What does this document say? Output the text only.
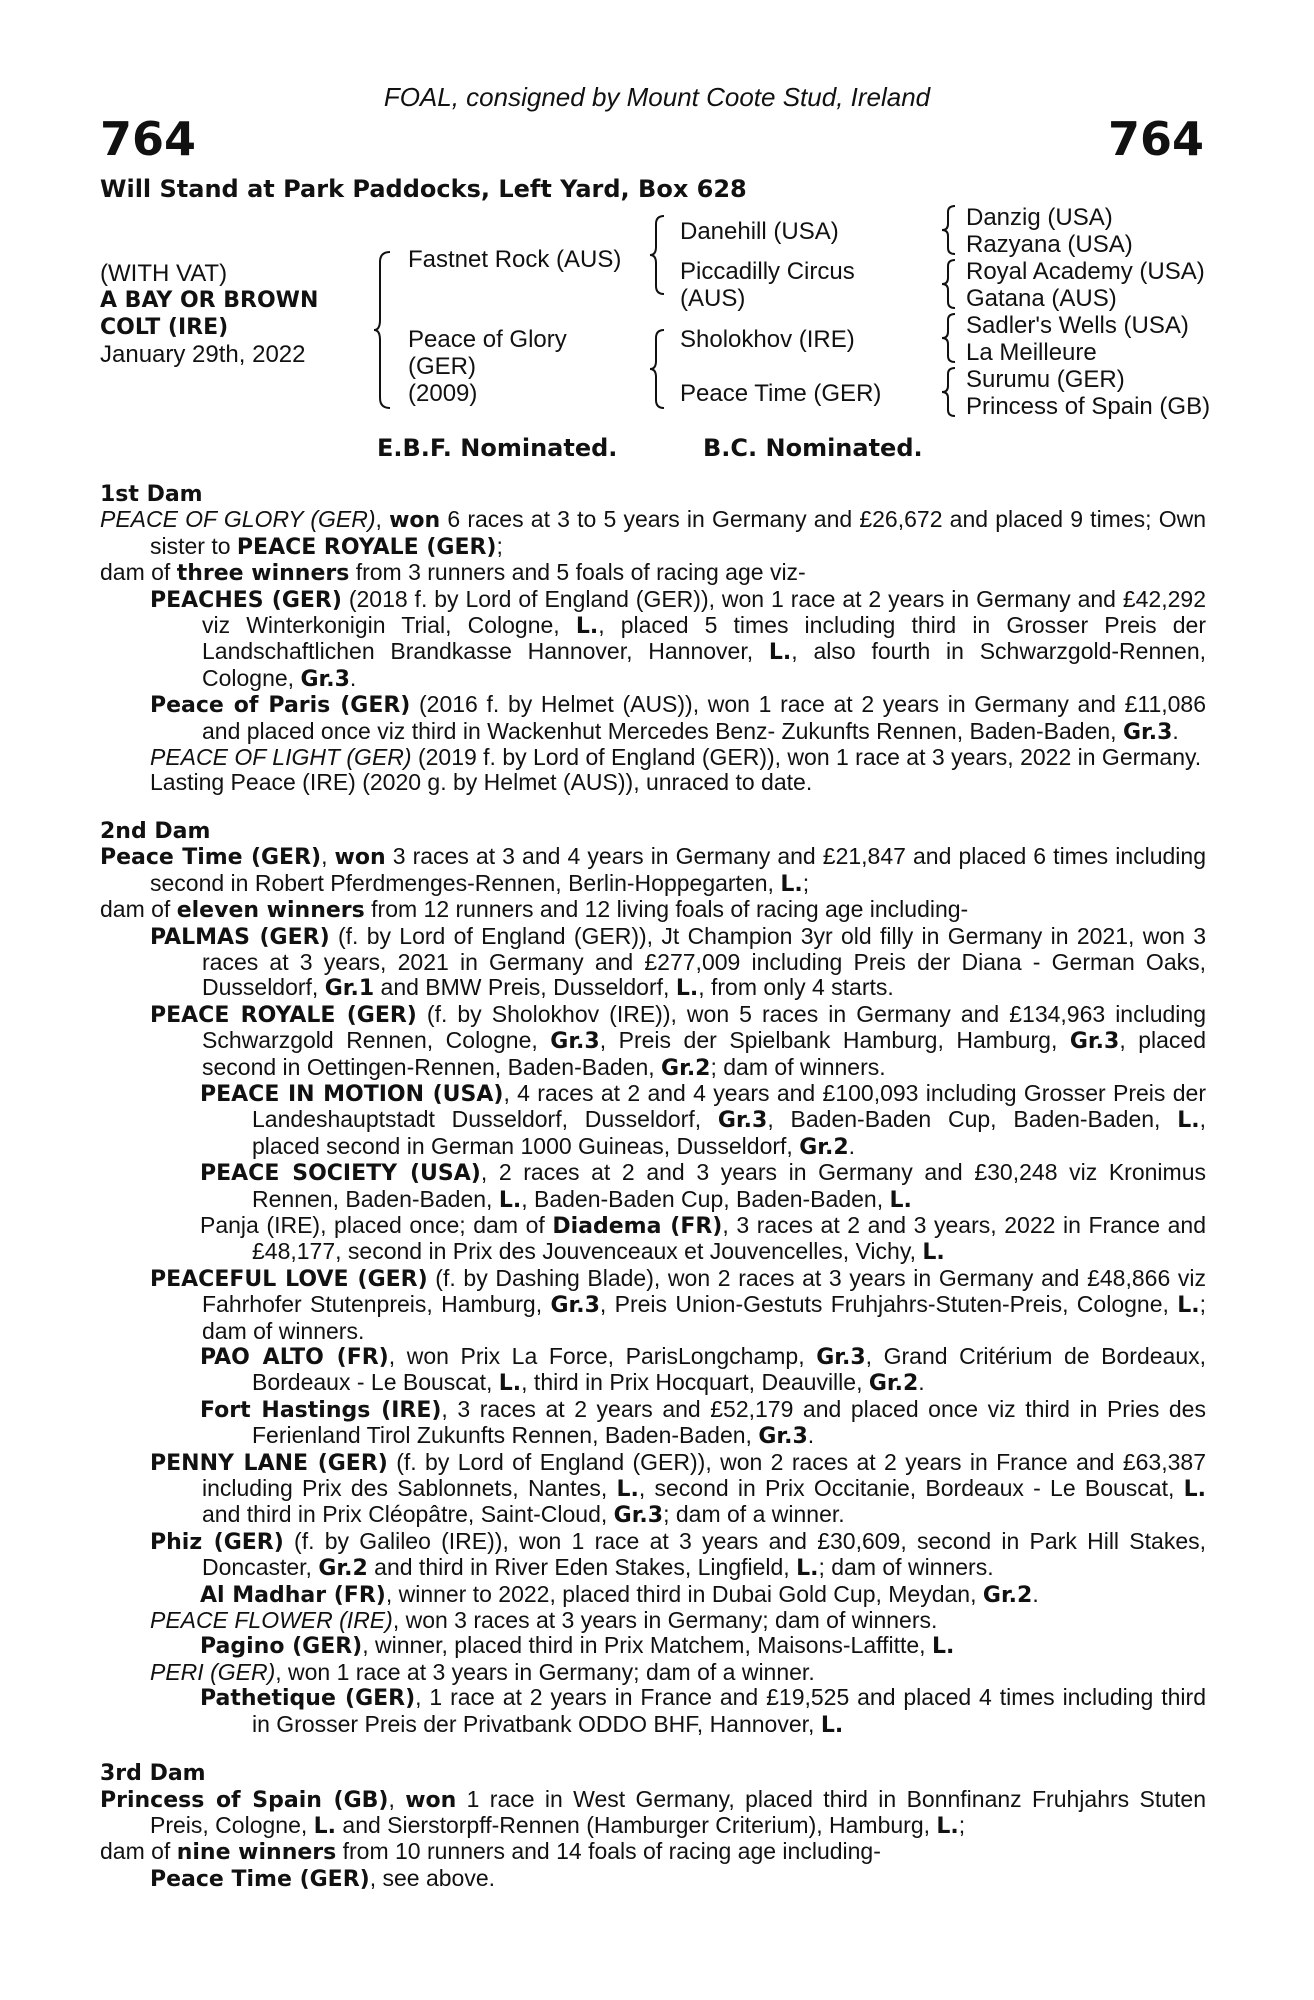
FOAL, consigned by Mount Coote Stud, Ireland
764	764
Will Stand at Park Paddocks, Left Yard, Box 628
(WITH VAT)
A BAY OR BROWN
COLT (IRE)
January 29th, 2022
Fastnet Rock (AUS)
Peace of Glory
(GER)
(2009)
Danehill (USA)
Piccadilly Circus
(AUS)
Sholokhov (IRE)
Peace Time (GER)
Danzig (USA)
Razyana (USA)
Royal Academy (USA)
Gatana (AUS)
Sadler's Wells (USA)
La Meilleure
Surumu (GER)
Princess of Spain (GB)
E.B.F. Nominated.	B.C. Nominated.
1st Dam
PEACE OF GLORY (GER), won 6 races at 3 to 5 years in Germany and £26,672 and placed 9 times; Own sister to PEACE ROYALE (GER);
dam of three winners from 3 runners and 5 foals of racing age viz-
PEACHES (GER) (2018 f. by Lord of England (GER)), won 1 race at 2 years in Germany and £42,292 viz Winterkonigin Trial, Cologne, L., placed 5 times including third in Grosser Preis der Landschaftlichen Brandkasse Hannover, Hannover, L., also fourth in Schwarzgold-Rennen, Cologne, Gr.3.
Peace of Paris (GER) (2016 f. by Helmet (AUS)), won 1 race at 2 years in Germany and £11,086 and placed once viz third in Wackenhut Mercedes Benz- Zukunfts Rennen, Baden-Baden, Gr.3.
PEACE OF LIGHT (GER) (2019 f. by Lord of England (GER)), won 1 race at 3 years, 2022 in Germany.
Lasting Peace (IRE) (2020 g. by Helmet (AUS)), unraced to date.
2nd Dam
Peace Time (GER), won 3 races at 3 and 4 years in Germany and £21,847 and placed 6 times including second in Robert Pferdmenges-Rennen, Berlin-Hoppegarten, L.;
dam of eleven winners from 12 runners and 12 living foals of racing age including-
PALMAS (GER) (f. by Lord of England (GER)), Jt Champion 3yr old filly in Germany in 2021, won 3 races at 3 years, 2021 in Germany and £277,009 including Preis der Diana - German Oaks, Dusseldorf, Gr.1 and BMW Preis, Dusseldorf, L., from only 4 starts.
PEACE ROYALE (GER) (f. by Sholokhov (IRE)), won 5 races in Germany and £134,963 including Schwarzgold Rennen, Cologne, Gr.3, Preis der Spielbank Hamburg, Hamburg, Gr.3, placed second in Oettingen-Rennen, Baden-Baden, Gr.2; dam of winners.
PEACE IN MOTION (USA), 4 races at 2 and 4 years and £100,093 including Grosser Preis der Landeshauptstadt Dusseldorf, Dusseldorf, Gr.3, Baden-Baden Cup, Baden-Baden, L., placed second in German 1000 Guineas, Dusseldorf, Gr.2.
PEACE SOCIETY (USA), 2 races at 2 and 3 years in Germany and £30,248 viz Kronimus Rennen, Baden-Baden, L., Baden-Baden Cup, Baden-Baden, L.
Panja (IRE), placed once; dam of Diadema (FR), 3 races at 2 and 3 years, 2022 in France and £48,177, second in Prix des Jouvenceaux et Jouvencelles, Vichy, L.
PEACEFUL LOVE (GER) (f. by Dashing Blade), won 2 races at 3 years in Germany and £48,866 viz Fahrhofer Stutenpreis, Hamburg, Gr.3, Preis Union-Gestuts Fruhjahrs-Stuten-Preis, Cologne, L.; dam of winners.
PAO ALTO (FR), won Prix La Force, ParisLongchamp, Gr.3, Grand Critérium de Bordeaux, Bordeaux - Le Bouscat, L., third in Prix Hocquart, Deauville, Gr.2.
Fort Hastings (IRE), 3 races at 2 years and £52,179 and placed once viz third in Pries des Ferienland Tirol Zukunfts Rennen, Baden-Baden, Gr.3.
PENNY LANE (GER) (f. by Lord of England (GER)), won 2 races at 2 years in France and £63,387 including Prix des Sablonnets, Nantes, L., second in Prix Occitanie, Bordeaux - Le Bouscat, L. and third in Prix Cléopâtre, Saint-Cloud, Gr.3; dam of a winner.
Phiz (GER) (f. by Galileo (IRE)), won 1 race at 3 years and £30,609, second in Park Hill Stakes, Doncaster, Gr.2 and third in River Eden Stakes, Lingfield, L.; dam of winners.
Al Madhar (FR), winner to 2022, placed third in Dubai Gold Cup, Meydan, Gr.2.
PEACE FLOWER (IRE), won 3 races at 3 years in Germany; dam of winners.
Pagino (GER), winner, placed third in Prix Matchem, Maisons-Laffitte, L.
PERI (GER), won 1 race at 3 years in Germany; dam of a winner.
Pathetique (GER), 1 race at 2 years in France and £19,525 and placed 4 times including third in Grosser Preis der Privatbank ODDO BHF, Hannover, L.
3rd Dam
Princess of Spain (GB), won 1 race in West Germany, placed third in Bonnfinanz Fruhjahrs Stuten Preis, Cologne, L. and Sierstorpff-Rennen (Hamburger Criterium), Hamburg, L.;
dam of nine winners from 10 runners and 14 foals of racing age including-
Peace Time (GER), see above.
